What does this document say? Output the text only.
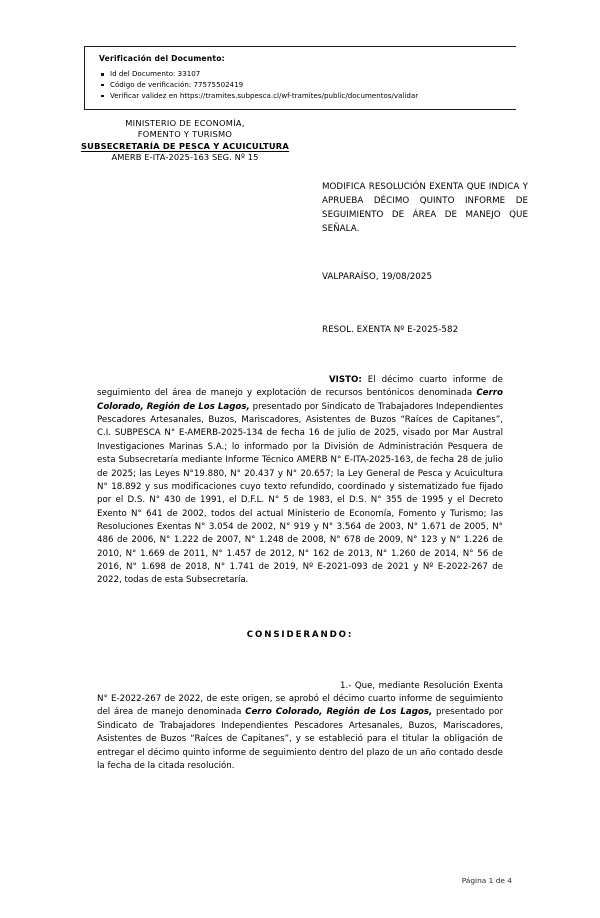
Verificación del Documento:
Id del Documento: 33107
Código de verificación: 77575502419
Verificar validez en https://tramites.subpesca.cl/wf-tramites/public/documentos/validar
MINISTERIO DE ECONOMÍA,
FOMENTO Y TURISMO
SUBSECRETARÍA DE PESCA Y ACUICULTURA
AMERB E-ITA-2025-163 SEG. Nº 15
MODIFICA RESOLUCIÓN EXENTA QUE INDICA Y APRUEBA DÉCIMO QUINTO INFORME DE SEGUIMIENTO DE ÁREA DE MANEJO QUE SEÑALA.
VALPARAÍSO, 19/08/2025
RESOL. EXENTA Nº E-2025-582

VISTO: El décimo cuarto informe de seguimiento del área de manejo y explotación de recursos bentónicos denominada Cerro Colorado, Región de Los Lagos, presentado por Sindicato de Trabajadores Independientes Pescadores Artesanales, Buzos, Mariscadores, Asistentes de Buzos “Raíces de Capitanes”, C.I. SUBPESCA N° E-AMERB-2025-134 de fecha 16 de julio de 2025, visado por Mar Austral Investigaciones Marinas S.A.; lo informado por la División de Administración Pesquera de esta Subsecretaría mediante Informe Técnico AMERB N° E-ITA-2025-163, de fecha 28 de julio de 2025; las Leyes N°19.880, N° 20.437 y N° 20.657; la Ley General de Pesca y Acuicultura N° 18.892 y sus modificaciones cuyo texto refundido, coordinado y sistematizado fue fijado por el D.S. N° 430 de 1991, el D.F.L. N° 5 de 1983, el D.S. N° 355 de 1995 y el Decreto Exento N° 641 de 2002, todos del actual Ministerio de Economía, Fomento y Turismo; las Resoluciones Exentas N° 3.054 de 2002, N° 919 y N° 3.564 de 2003, N° 1.671 de 2005, N° 486 de 2006, N° 1.222 de 2007, N° 1.248 de 2008, N° 678 de 2009, N° 123 y N° 1.226 de 2010, N° 1.669 de 2011, N° 1.457 de 2012, N° 162 de 2013, N° 1.260 de 2014, N° 56 de 2016, N° 1.698 de 2018, N° 1.741 de 2019, Nº E-2021-093 de 2021 y Nº E-2022-267 de 2022, todas de esta Subsecretaría.

CONSIDERANDO:

1.- Que, mediante Resolución Exenta N° E-2022-267 de 2022, de este origen, se aprobó el décimo cuarto informe de seguimiento del área de manejo denominada Cerro Colorado, Región de Los Lagos, presentado por Sindicato de Trabajadores Independientes Pescadores Artesanales, Buzos, Mariscadores, Asistentes de Buzos “Raíces de Capitanes”, y se estableció para el titular la obligación de entregar el décimo quinto informe de seguimiento dentro del plazo de un año contado desde la fecha de la citada resolución.

Página 1 de 4
